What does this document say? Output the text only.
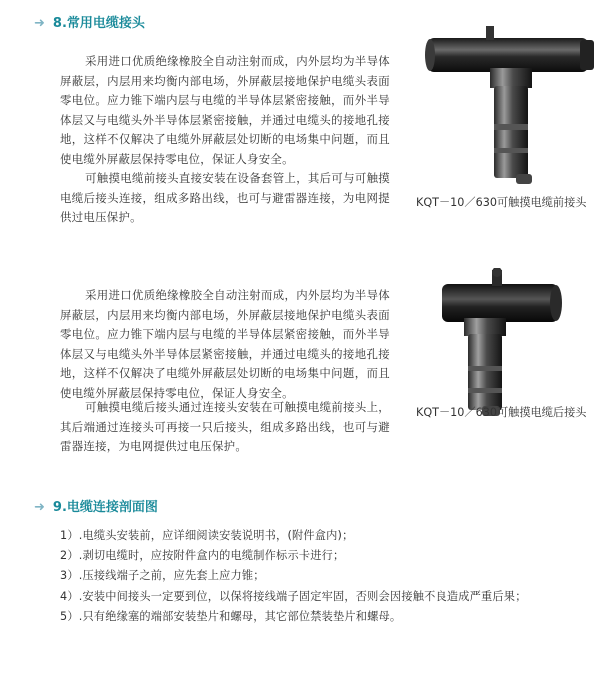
➜ 8.常用电缆接头

采用进口优质绝缘橡胶全自动注射而成，内外层均为半导体屏蔽层，内层用来均衡内部电场，外屏蔽层接地保护电缆头表面零电位。应力锥下端内层与电缆的半导体层紧密接触，而外半导体层又与电缆头外半导体层紧密接触，并通过电缆头的接地孔接地，这样不仅解决了电缆外屏蔽层处切断的电场集中问题，而且使电缆外屏蔽层保持零电位，保证人身安全。

可触摸电缆前接头直接安装在设备套管上，其后可与可触摸电缆后接头连接，组成多路出线，也可与避雷器连接，为电网提供过电压保护。

KQT－10／630可触摸电缆前接头

采用进口优质绝缘橡胶全自动注射而成，内外层均为半导体屏蔽层，内层用来均衡内部电场，外屏蔽层接地保护电缆头表面零电位。应力锥下端内层与电缆的半导体层紧密接触，而外半导体层又与电缆头外半导体层紧密接触，并通过电缆头的接地孔接地，这样不仅解决了电缆外屏蔽层处切断的电场集中问题，而且使电缆外屏蔽层保持零电位，保证人身安全。

可触摸电缆后接头通过连接头安装在可触摸电缆前接头上，其后端通过连接头可再接一只后接头，组成多路出线，也可与避雷器连接，为电网提供过电压保护。

KQT－10／630可触摸电缆后接头
➜ 9.电缆连接剖面图
1）.电缆头安装前，应详细阅读安装说明书，(附件盒内)；
2）.剥切电缆时，应按附件盒内的电缆制作标示卡进行；
3）.压接线端子之前，应先套上应力锥；
4）.安装中间接头一定要到位，以保将接线端子固定牢固，否则会因接触不良造成严重后果；
5）.只有绝缘塞的端部安装垫片和螺母，其它部位禁装垫片和螺母。
